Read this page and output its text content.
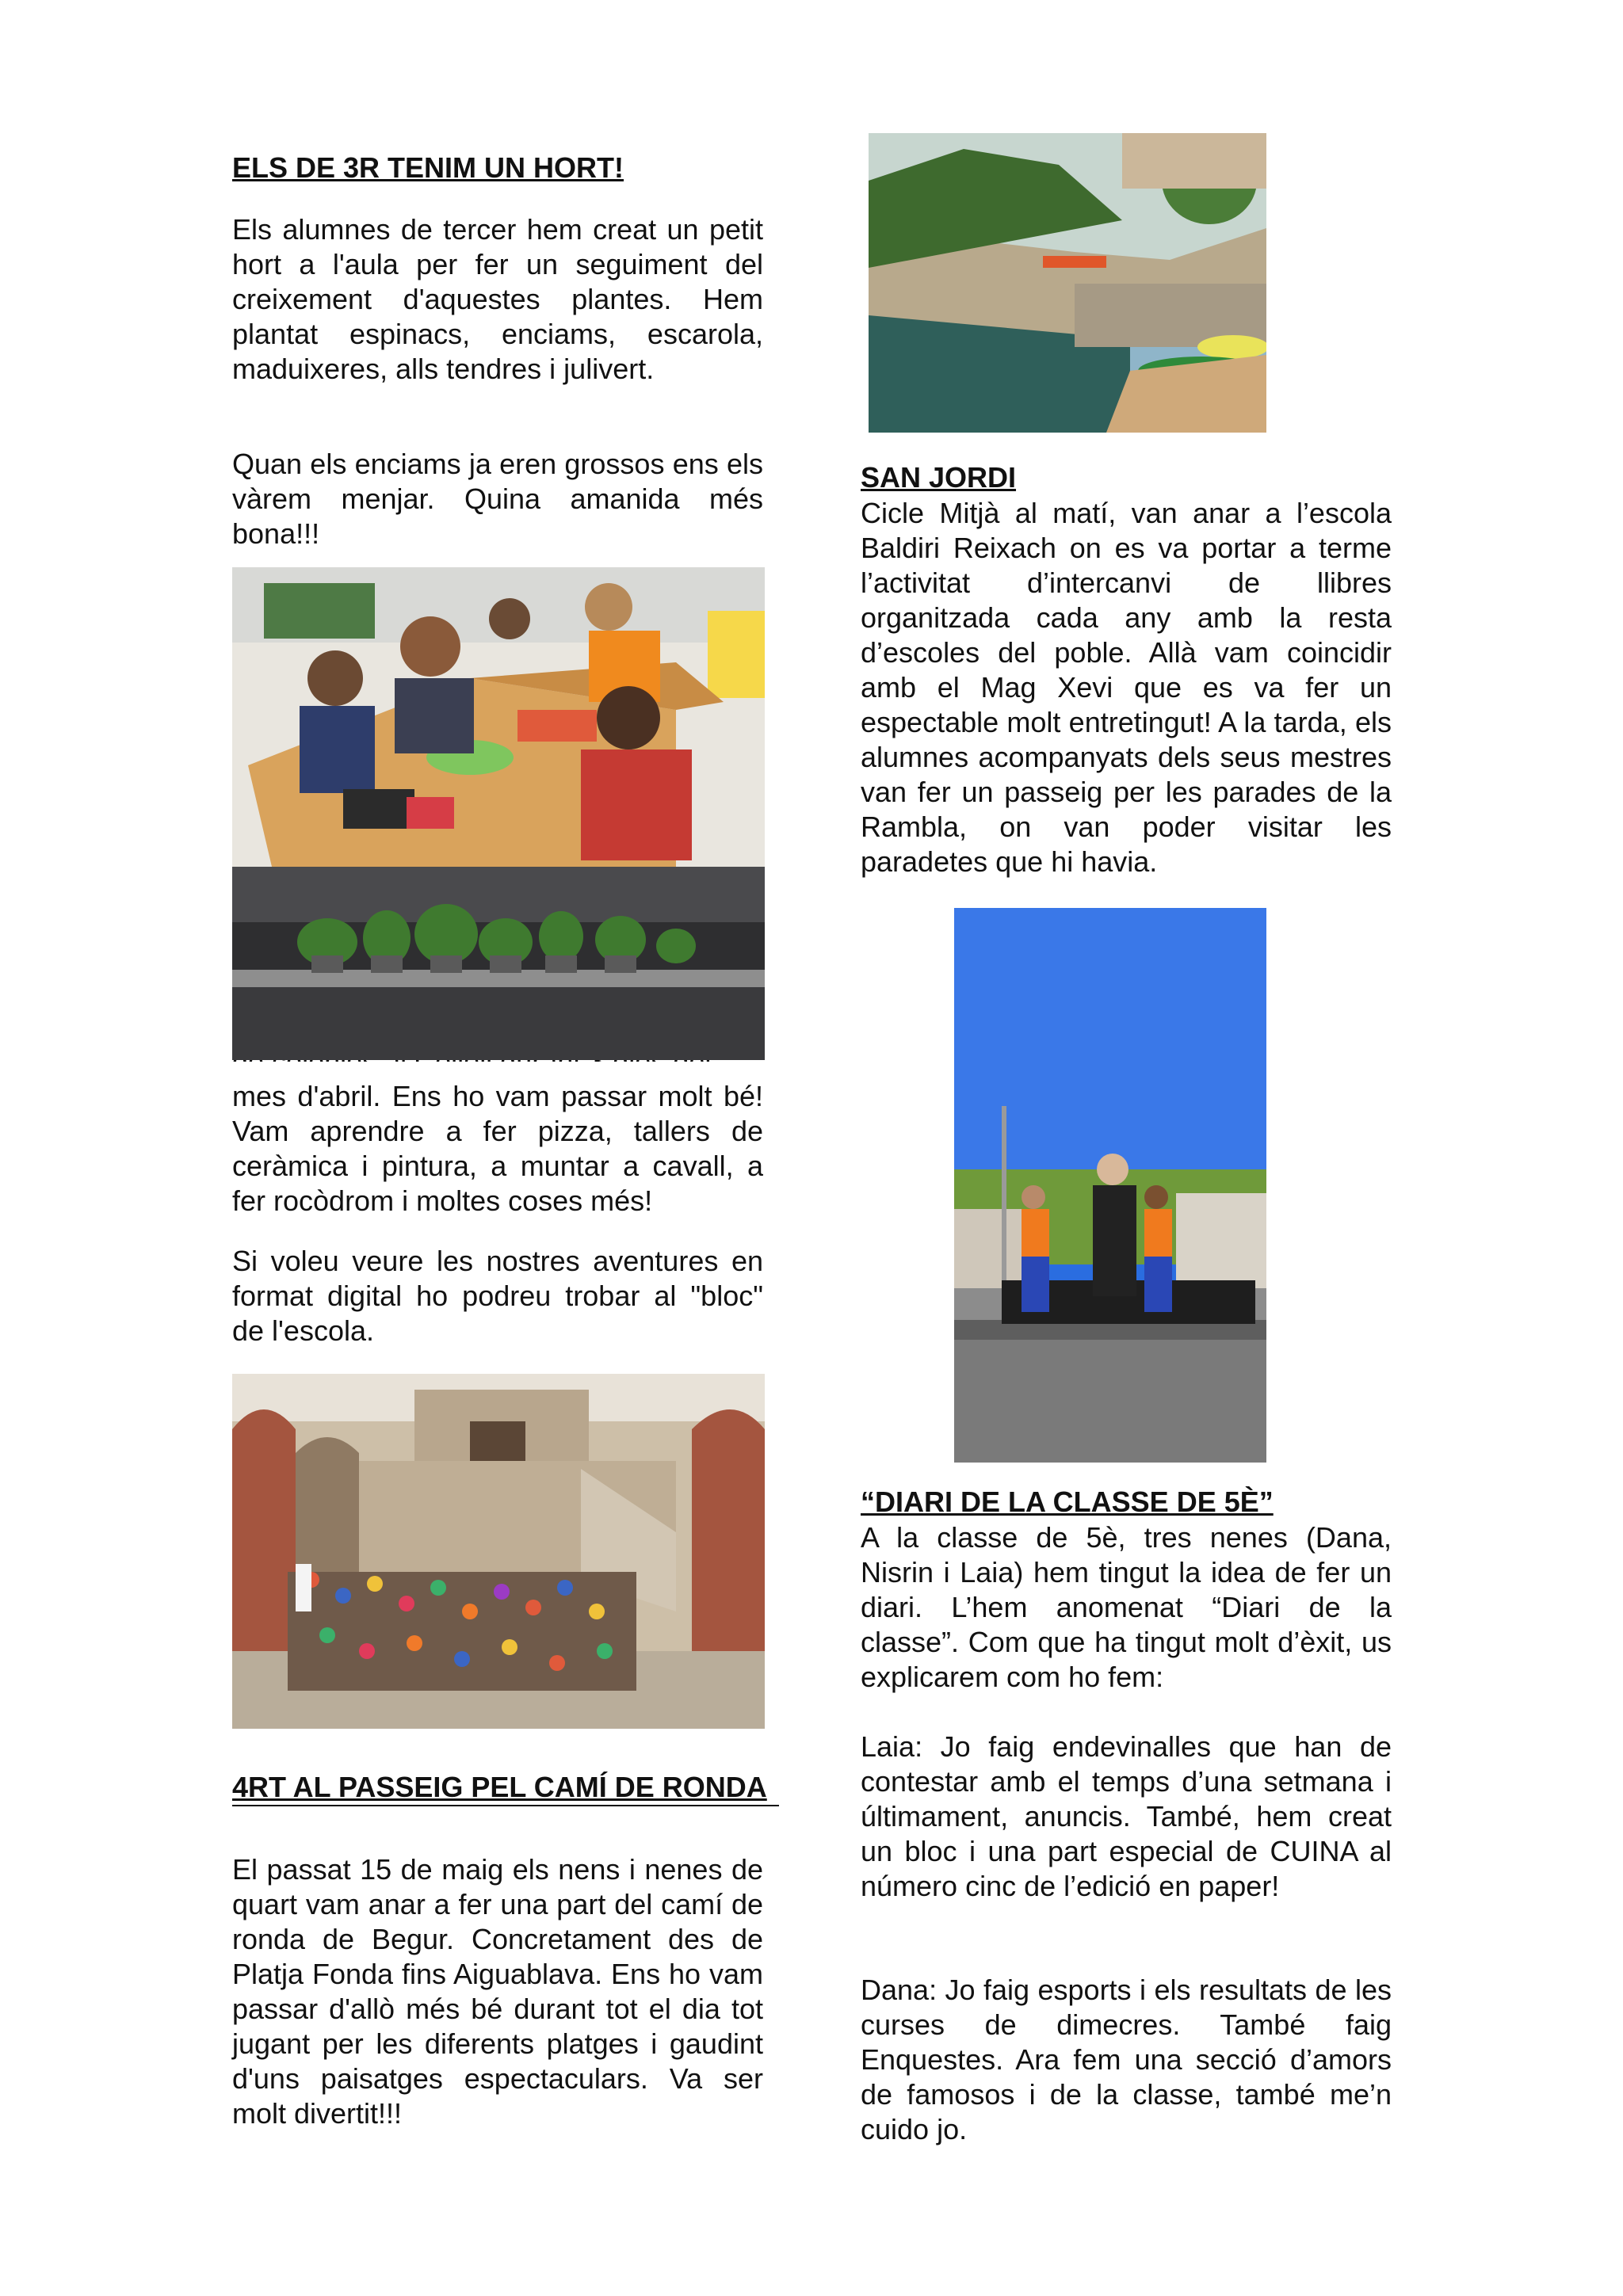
ELS DE 3R TENIM UN HORT!

Els alumnes de tercer hem creat un petit hort a l'aula per fer un seguiment del creixement d'aquestes plantes. Hem plantat espinacs, enciams, escarola, maduixeres, alls tendres i julivert.

Quan els enciams ja eren grossos ens els vàrem menjar. Quina amanida més bona!!!

mes d'abril. Ens ho vam passar molt bé! Vam aprendre a fer pizza, tallers de ceràmica i pintura, a muntar a cavall, a fer rocòdrom i moltes coses més!

Si voleu veure les nostres aventures en format digital ho podreu trobar al "bloc" de l'escola.

4RT AL PASSEIG PEL CAMÍ DE RONDA

El passat 15 de maig els nens i nenes de quart vam anar a fer una part del camí de ronda de Begur. Concretament des de Platja Fonda fins Aiguablava. Ens ho vam passar d'allò més bé durant tot el dia tot jugant per les diferents platges i gaudint d'uns paisatges espectaculars. Va ser molt divertit!!!

SAN JORDI

Cicle Mitjà al matí, van anar a l’escola Baldiri Reixach on es va portar a terme l’activitat d’intercanvi de llibres organitzada cada any amb la resta d’escoles del poble. Allà vam coincidir amb el Mag Xevi que es va fer un espectable molt entretingut! A la tarda, els alumnes acompanyats dels seus mestres van fer un passeig per les parades de la Rambla, on van poder visitar les paradetes que hi havia.

“DIARI DE LA CLASSE DE 5È”

A la classe de 5è, tres nenes (Dana, Nisrin i Laia) hem tingut la idea de fer un diari. L’hem anomenat “Diari de la classe”. Com que ha tingut molt d’èxit, us explicarem com ho fem:

Laia: Jo faig endevinalles que han de contestar amb el temps d’una setmana i últimament, anuncis. També, hem creat un bloc i una part especial de CUINA al número cinc de l’edició en paper!

Dana: Jo faig esports i els resultats de les curses de dimecres. També faig Enquestes. Ara fem una secció d’amors de famosos i de la classe, també me’n cuido jo.
